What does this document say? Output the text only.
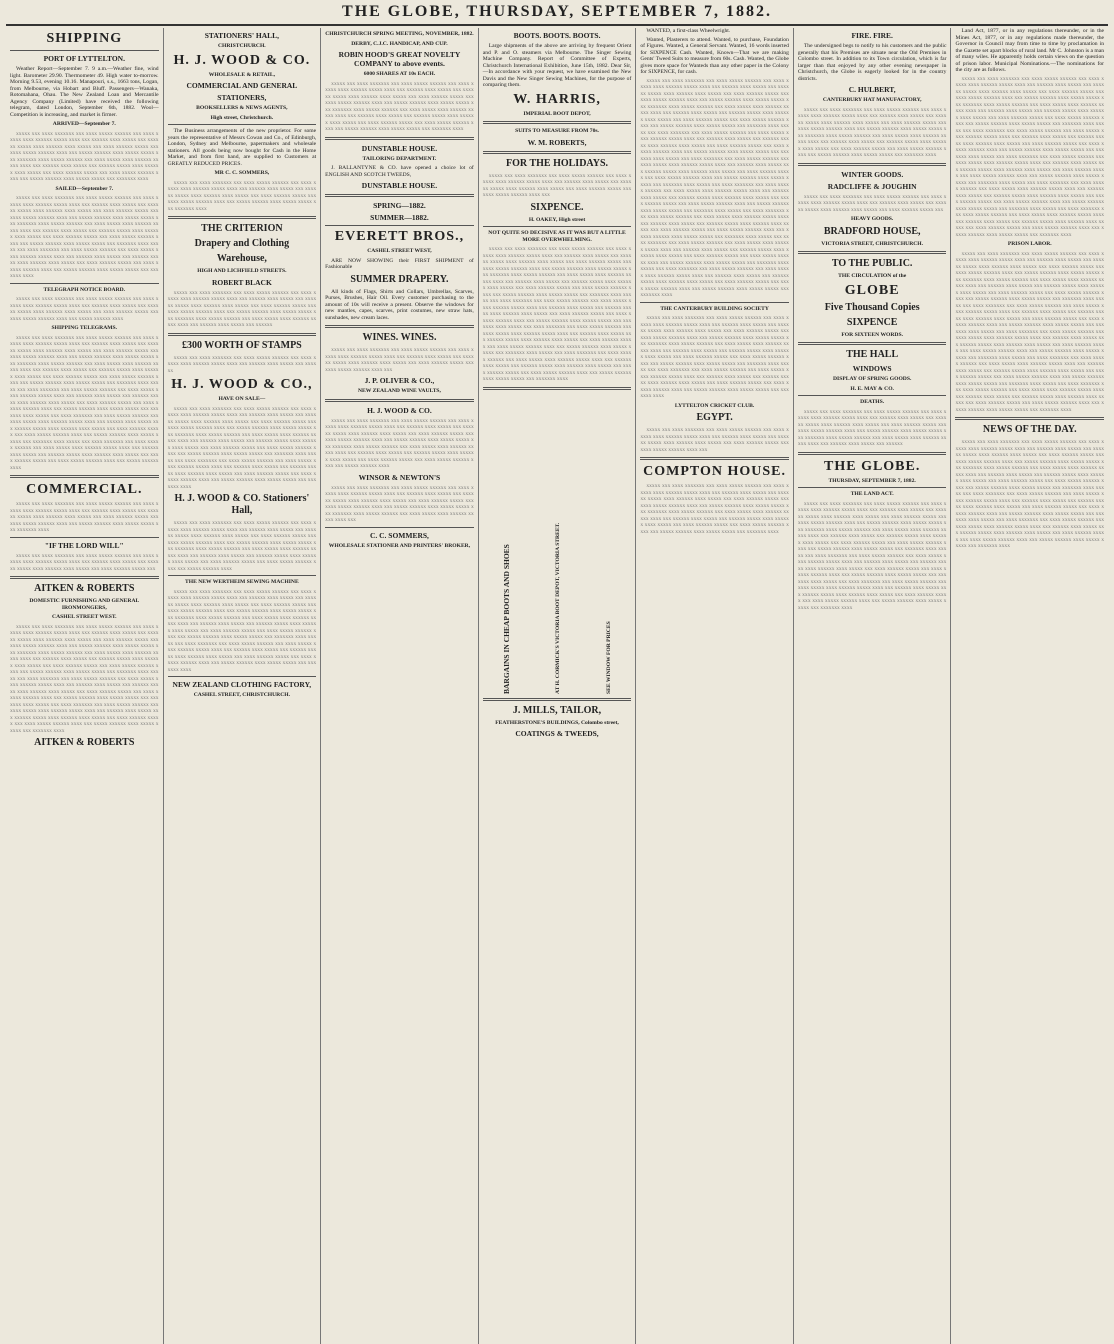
THE GLOBE, THURSDAY, SEPTEMBER 7, 1882.
SHIPPING
PORT OF LYTTELTON.
Weather Report—September 7. 9 a.m.—Weather fine, wind light. Barometer 29.90. Thermometer 49. High water to-morrow. Morning 9.53, evening 10.16. Manapouri, s.s., 1663 tons, Logan, from Melbourne, via Hobart and Bluff. Passengers—Wanaka, Rotomahana, Ohau. The New Zealand Loan and Mercantile Agency Company (Limited) have received the following telegram, dated London, September 6th, 1882. Wool—Competition is increasing, and market is firmer.
ARRIVED—September 7.
xxxxx xxx xxxx xxxxxxx xxx xxxx xxxxx xxxxxx xxx xxxx xxxxx xxxx xxxxxx xxxxx xxxx xxx xxxxxx xxxx xxxxx xxx xxxxxx xxxxx xxxx xxxxxx xxxx xxxxx xxx xxxx xxxxxx xxxxx xxx xxxx xxxxx xxxxxx xxxx xxx xxxxx xxxxxx xxxx xxxxx xxxxx xxx xxxxxxx xxxx xxxxx xxxxxx xxx xxxx xxxxx xxxx xxxxxx xxxxx xxxx xxx xxxxxx xxxx xxxxx xxx xxxxxx xxxxx xxxx xxxxxx xxxx xxxxx xxx xxxx xxxxxx xxxxx xxx xxxx xxxxx xxxxxx xxxx xxx xxxxx xxxxxx xxxx xxxxx xxxxx xxx xxxxxxx xxxx
SAILED—September 7.
xxxxx xxx xxxx xxxxxxx xxx xxxx xxxxx xxxxxx xxx xxxx xxxxx xxxx xxxxxx xxxxx xxxx xxx xxxxxx xxxx xxxxx xxx xxxxxx xxxxx xxxx xxxxxx xxxx xxxxx xxx xxxx xxxxxx xxxxx xxx xxxx xxxxx xxxxxx xxxx xxx xxxxx xxxxxx xxxx xxxxx xxxxx xxx xxxxxxx xxxx xxxxx xxxxxx xxx xxxx xxxxx xxxx xxxxxx xxxxx xxxx xxx xxxxxx xxxx xxxxx xxx xxxxxx xxxxx xxxx xxxxxx xxxx xxxxx xxx xxxx xxxxxx xxxxx xxx xxxx xxxxx xxxxxx xxxx xxx xxxxx xxxxxx xxxx xxxxx xxxxx xxx xxxxxxx xxxx xxxxx xxx xxxx xxxxxxx xxx xxxx xxxxx xxxxxx xxx xxxx xxxxx xxxx xxxxxx xxxxx xxxx xxx xxxxxx xxxx xxxxx xxx xxxxxx xxxxx xxxx xxxxxx xxxx xxxxx xxx xxxx xxxxxx xxxxx xxx xxxx xxxxx xxxxxx xxxx xxx xxxxx xxxxxx xxxx xxxxx xxxxx xxx xxxxxxx xxxx
TELEGRAPH NOTICE BOARD.
xxxxx xxx xxxx xxxxxxx xxx xxxx xxxxx xxxxxx xxx xxxx xxxxx xxxx xxxxxx xxxxx xxxx xxx xxxxxx xxxx xxxxx xxx xxxxxx xxxxx xxxx xxxxxx xxxx xxxxx xxx xxxx xxxxxx xxxxx xxx xxxx xxxxx xxxxxx xxxx xxx xxxxx xxxxxx xxxx
SHIPPING TELEGRAMS.
xxxxx xxx xxxx xxxxxxx xxx xxxx xxxxx xxxxxx xxx xxxx xxxxx xxxx xxxxxx xxxxx xxxx xxx xxxxxx xxxx xxxxx xxx xxxxxx xxxxx xxxx xxxxxx xxxx xxxxx xxx xxxx xxxxxx xxxxx xxx xxxx xxxxx xxxxxx xxxx xxx xxxxx xxxxxx xxxx xxxxx xxxxx xxx xxxxxxx xxxx xxxxx xxxxxx xxx xxxx xxxxx xxxx xxxxxx xxxxx xxxx xxx xxxxxx xxxx xxxxx xxx xxxxxx xxxxx xxxx xxxxxx xxxx xxxxx xxx xxxx xxxxxx xxxxx xxx xxxx xxxxx xxxxxx xxxx xxx xxxxx xxxxxx xxxx xxxxx xxxxx xxx xxxxxxx xxxx xxxxx xxx xxxx xxxxxxx xxx xxxx xxxxx xxxxxx xxx xxxx xxxxx xxxx xxxxxx xxxxx xxxx xxx xxxxxx xxxx xxxxx xxx xxxxxx xxxxx xxxx xxxxxx xxxx xxxxx xxx xxxx xxxxxx xxxxx xxx xxxx xxxxx xxxxxx xxxx xxx xxxxx xxxxxx xxxx xxxxx xxxxx xxx xxxxxxx xxxx xxxxx xxx xxxx xxxxxxx xxx xxxx xxxxx xxxxxx xxx xxxx xxxxx xxxx xxxxxx xxxxx xxxx xxx xxxxxx xxxx xxxxx xxx xxxxxx xxxxx xxxx xxxxxx xxxx xxxxx xxx xxxx xxxxxx xxxxx xxx xxxx xxxxx xxxxxx xxxx xxx xxxxx xxxxxx xxxx xxxxx xxxxx xxx xxxxxxx xxxx xxxxx xxx xxxx xxxxxxx xxx xxxx xxxxx xxxxxx xxx xxxx xxxxx xxxx xxxxxx xxxxx xxxx xxx xxxxxx xxxx xxxxx xxx xxxxxx xxxxx xxxx xxxxxx xxxx xxxxx xxx xxxx xxxxxx xxxxx xxx xxxx xxxxx xxxxxx xxxx xxx xxxxx xxxxxx xxxx
COMMERCIAL.
xxxxx xxx xxxx xxxxxxx xxx xxxx xxxxx xxxxxx xxx xxxx xxxxx xxxx xxxxxx xxxxx xxxx xxx xxxxxx xxxx xxxxx xxx xxxxxx xxxxx xxxx xxxxxx xxxx xxxxx xxx xxxx xxxxxx xxxxx xxx xxxx xxxxx xxxxxx xxxx xxx xxxxx xxxxxx xxxx xxxxx xxxxx xxx xxxxxxx xxxx
"IF THE LORD WILL"
xxxxx xxx xxxx xxxxxxx xxx xxxx xxxxx xxxxxx xxx xxxx xxxxx xxxx xxxxxx xxxxx xxxx xxx xxxxxx xxxx xxxxx xxx xxxxxx xxxxx xxxx xxxxxx xxxx xxxxx xxx xxxx xxxxxx xxxxx xxx
AITKEN & ROBERTS
DOMESTIC FURNISHING AND GENERAL IRONMONGERS,
CASHEL STREET WEST.
xxxxx xxx xxxx xxxxxxx xxx xxxx xxxxx xxxxxx xxx xxxx xxxxx xxxx xxxxxx xxxxx xxxx xxx xxxxxx xxxx xxxxx xxx xxxxxx xxxxx xxxx xxxxxx xxxx xxxxx xxx xxxx xxxxxx xxxxx xxx xxxx xxxxx xxxxxx xxxx xxx xxxxx xxxxxx xxxx xxxxx xxxxx xxx xxxxxxx xxxx xxxxx xxxxxx xxx xxxx xxxxx xxxx xxxxxx xxxxx xxxx xxx xxxxxx xxxx xxxxx xxx xxxxxx xxxxx xxxx xxxxxx xxxx xxxxx xxx xxxx xxxxxx xxxxx xxx xxxx xxxxx xxxxxx xxxx xxx xxxxx xxxxxx xxxx xxxxx xxxxx xxx xxxxxxx xxxx xxxxx xxx xxxx xxxxxxx xxx xxxx xxxxx xxxxxx xxx xxxx xxxxx xxxx xxxxxx xxxxx xxxx xxx xxxxxx xxxx xxxxx xxx xxxxxx xxxxx xxxx xxxxxx xxxx xxxxx xxx xxxx xxxxxx xxxxx xxx xxxx xxxxx xxxxxx xxxx xxx xxxxx xxxxxx xxxx xxxxx xxxxx xxx xxxxxxx xxxx xxxxx xxx xxxx xxxxxxx xxx xxxx xxxxx xxxxxx xxx xxxx xxxxx xxxx xxxxxx xxxxx xxxx xxx xxxxxx xxxx xxxxx xxx xxxxxx xxxxx xxxx xxxxxx xxxx xxxxx xxx xxxx xxxxxx xxxxx xxx xxxx xxxxx xxxxxx xxxx xxx xxxxx xxxxxx xxxx xxxxx xxxxx xxx xxxxxxx xxxx
AITKEN & ROBERTS
STATIONERS' HALL,
CHRISTCHURCH.
H. J. WOOD & CO.
WHOLESALE & RETAIL,
COMMERCIAL AND GENERAL
STATIONERS,
BOOKSELLERS & NEWS AGENTS,
High street, Christchurch.
The Business arrangements of the new proprietor. For some years the representative of Messrs Cowan and Co., of Edinburgh, London, Sydney and Melbourne, papermakers and wholesale stationers. All goods being now bought for Cash in the Home Market, and from first hand, are supplied to Customers at GREATLY REDUCED PRICES.
MR C. C. SOMMERS,
xxxxx xxx xxxx xxxxxxx xxx xxxx xxxxx xxxxxx xxx xxxx xxxxx xxxx xxxxxx xxxxx xxxx xxx xxxxxx xxxx xxxxx xxx xxxxxx xxxxx xxxx xxxxxx xxxx xxxxx xxx xxxx xxxxxx xxxxx xxx xxxx xxxxx xxxxxx xxxx xxx xxxxx xxxxxx xxxx xxxxx xxxxx xxx xxxxxxx xxxx
THE CRITERION
Drapery and Clothing
Warehouse,
HIGH AND LICHFIELD STREETS.
ROBERT BLACK
xxxxx xxx xxxx xxxxxxx xxx xxxx xxxxx xxxxxx xxx xxxx xxxxx xxxx xxxxxx xxxxx xxxx xxx xxxxxx xxxx xxxxx xxx xxxxxx xxxxx xxxx xxxxxx xxxx xxxxx xxx xxxx xxxxxx xxxxx xxx xxxx xxxxx xxxxxx xxxx xxx xxxxx xxxxxx xxxx xxxxx xxxxx xxx xxxxxxx xxxx xxxxx xxxxxx xxx xxxx xxxxx xxxx xxxxxx xxxxx xxxx xxx xxxxxx xxxx xxxxx xxx xxxxxx
£300 WORTH OF STAMPS
xxxxx xxx xxxx xxxxxxx xxx xxxx xxxxx xxxxxx xxx xxxx xxxxx xxxx xxxxxx xxxxx xxxx xxx xxxxxx xxxx xxxxx xxx xxxxxx
H. J. WOOD & CO.,
HAVE ON SALE—
xxxxx xxx xxxx xxxxxxx xxx xxxx xxxxx xxxxxx xxx xxxx xxxxx xxxx xxxxxx xxxxx xxxx xxx xxxxxx xxxx xxxxx xxx xxxxxx xxxxx xxxx xxxxxx xxxx xxxxx xxx xxxx xxxxxx xxxxx xxx xxxx xxxxx xxxxxx xxxx xxx xxxxx xxxxxx xxxx xxxxx xxxxx xxx xxxxxxx xxxx xxxxx xxxxxx xxx xxxx xxxxx xxxx xxxxxx xxxxx xxxx xxx xxxxxx xxxx xxxxx xxx xxxxxx xxxxx xxxx xxxxxx xxxx xxxxx xxx xxxx xxxxxx xxxxx xxx xxxx xxxxx xxxxxx xxxx xxx xxxxx xxxxxx xxxx xxxxx xxxxx xxx xxxxxxx xxxx xxxxx xxx xxxx xxxxxxx xxx xxxx xxxxx xxxxxx xxx xxxx xxxxx xxxx xxxxxx xxxxx xxxx xxx xxxxxx xxxx xxxxx xxx xxxxxx xxxxx xxxx xxxxxx xxxx xxxxx xxx xxxx xxxxxx xxxxx xxx xxxx xxxxx xxxxxx xxxx xxx xxxxx xxxxxx xxxx xxxxx xxxxx xxx xxxxxxx xxxx
H. J. WOOD & CO. Stationers' Hall,
xxxxx xxx xxxx xxxxxxx xxx xxxx xxxxx xxxxxx xxx xxxx xxxxx xxxx xxxxxx xxxxx xxxx xxx xxxxxx xxxx xxxxx xxx xxxxxx xxxxx xxxx xxxxxx xxxx xxxxx xxx xxxx xxxxxx xxxxx xxx xxxx xxxxx xxxxxx xxxx xxx xxxxx xxxxxx xxxx xxxxx xxxxx xxx xxxxxxx xxxx xxxxx xxxxxx xxx xxxx xxxxx xxxx xxxxxx xxxxx xxxx xxx xxxxxx xxxx xxxxx xxx xxxxxx xxxxx xxxx xxxxxx xxxx xxxxx xxx xxxx xxxxxx xxxxx xxx xxxx xxxxx xxxxxx xxxx xxx xxxxx xxxxxx xxxx
THE NEW WERTHEIM SEWING MACHINE
xxxxx xxx xxxx xxxxxxx xxx xxxx xxxxx xxxxxx xxx xxxx xxxxx xxxx xxxxxx xxxxx xxxx xxx xxxxxx xxxx xxxxx xxx xxxxxx xxxxx xxxx xxxxxx xxxx xxxxx xxx xxxx xxxxxx xxxxx xxx xxxx xxxxx xxxxxx xxxx xxx xxxxx xxxxxx xxxx xxxxx xxxxx xxx xxxxxxx xxxx xxxxx xxxxxx xxx xxxx xxxxx xxxx xxxxxx xxxxx xxxx xxx xxxxxx xxxx xxxxx xxx xxxxxx xxxxx xxxx xxxxxx xxxx xxxxx xxx xxxx xxxxxx xxxxx xxx xxxx xxxxx xxxxxx xxxx xxx xxxxx xxxxxx xxxx xxxxx xxxxx xxx xxxxxxx xxxx xxxxx xxx xxxx xxxxxxx xxx xxxx xxxxx xxxxxx xxx xxxx xxxxx xxxx xxxxxx xxxxx xxxx xxx xxxxxx xxxx xxxxx xxx xxxxxx xxxxx xxxx xxxxxx xxxx xxxxx xxx xxxx xxxxxx xxxxx xxx xxxx xxxxx xxxxxx xxxx xxx xxxxx xxxxxx xxxx xxxxx xxxxx xxx xxxxxxx xxxx
NEW ZEALAND CLOTHING FACTORY,
CASHEL STREET, CHRISTCHURCH.
CHRISTCHURCH SPRING MEETING, NOVEMBER, 1882.
DERBY, C.J.C. HANDICAP, AND CUP.
ROBIN HOOD'S GREAT NOVELTY COMPANY to above events.
6000 SHARES AT 10s EACH.
xxxxx xxx xxxx xxxxxxx xxx xxxx xxxxx xxxxxx xxx xxxx xxxxx xxxx xxxxxx xxxxx xxxx xxx xxxxxx xxxx xxxxx xxx xxxxxx xxxxx xxxx xxxxxx xxxx xxxxx xxx xxxx xxxxxx xxxxx xxx xxxx xxxxx xxxxxx xxxx xxx xxxxx xxxxxx xxxx xxxxx xxxxx xxx xxxxxxx xxxx xxxxx xxxxxx xxx xxxx xxxxx xxxx xxxxxx xxxxx xxxx xxx xxxxxx xxxx xxxxx xxx xxxxxx xxxxx xxxx xxxxxx xxxx xxxxx xxx xxxx xxxxxx xxxxx xxx xxxx xxxxx xxxxxx xxxx xxx xxxxx xxxxxx xxxx xxxxx xxxxx xxx xxxxxxx xxxx
DUNSTABLE HOUSE.
TAILORING DEPARTMENT.
J. BALLANTYNE & CO. have opened a choice lot of ENGLISH AND SCOTCH TWEEDS,
DUNSTABLE HOUSE.
SPRING—1882.
SUMMER—1882.
EVERETT BROS.,
CASHEL STREET WEST,
ARE NOW SHOWING their FIRST SHIPMENT of Fashionable
SUMMER DRAPERY.
All kinds of Flags, Shirts and Collars, Umbrellas, Scarves, Purses, Brushes, Hair Oil. Every customer purchasing to the amount of 10s will receive a present. Observe the windows for new mantles, capes, scarves, print costumes, new straw hats, sunshades, new cream laces.
WINES. WINES.
xxxxx xxx xxxx xxxxxxx xxx xxxx xxxxx xxxxxx xxx xxxx xxxxx xxxx xxxxxx xxxxx xxxx xxx xxxxxx xxxx xxxxx xxx xxxxxx xxxxx xxxx xxxxxx xxxx xxxxx xxx xxxx xxxxxx xxxxx xxx xxxx xxxxx xxxxxx xxxx xxx
J. P. OLIVER & CO.,
NEW ZEALAND WINE VAULTS,
H. J. WOOD & CO.
xxxxx xxx xxxx xxxxxxx xxx xxxx xxxxx xxxxxx xxx xxxx xxxxx xxxx xxxxxx xxxxx xxxx xxx xxxxxx xxxx xxxxx xxx xxxxxx xxxxx xxxx xxxxxx xxxx xxxxx xxx xxxx xxxxxx xxxxx xxx xxxx xxxxx xxxxxx xxxx xxx xxxxx xxxxxx xxxx xxxxx xxxxx xxx xxxxxxx xxxx xxxxx xxxxxx xxx xxxx xxxxx xxxx xxxxxx xxxxx xxxx xxx xxxxxx xxxx xxxxx xxx xxxxxx xxxxx xxxx xxxxxx xxxx xxxxx xxx xxxx xxxxxx xxxxx xxx xxxx xxxxx xxxxxx xxxx xxx xxxxx xxxxxx xxxx
WINSOR & NEWTON'S
xxxxx xxx xxxx xxxxxxx xxx xxxx xxxxx xxxxxx xxx xxxx xxxxx xxxx xxxxxx xxxxx xxxx xxx xxxxxx xxxx xxxxx xxx xxxxxx xxxxx xxxx xxxxxx xxxx xxxxx xxx xxxx xxxxxx xxxxx xxx xxxx xxxxx xxxxxx xxxx xxx xxxxx xxxxxx xxxx xxxxx xxxxx xxx xxxxxxx xxxx xxxxx xxxxxx xxx xxxx xxxxx xxxx xxxxxx xxxxx xxxx xxx
C. C. SOMMERS,
WHOLESALE STATIONER AND PRINTERS' BROKER,
BOOTS. BOOTS. BOOTS.
Large shipments of the above are arriving by frequent Orient and P. and O. steamers via Melbourne. The Singer Sewing Machine Company. Report of Committee of Experts, Christchurch International Exhibition, June 15th, 1882. Dear Sir,—In accordance with your request, we have examined the New Davis and the New Singer Sewing Machines, for the purpose of comparing them.
W. HARRIS,
IMPERIAL BOOT DEPOT,
SUITS TO MEASURE FROM 70s.
W. M. ROBERTS,
FOR THE HOLIDAYS.
xxxxx xxx xxxx xxxxxxx xxx xxxx xxxxx xxxxxx xxx xxxx xxxxx xxxx xxxxxx xxxxx xxxx xxx xxxxxx xxxx xxxxx xxx xxxxxx xxxxx xxxx xxxxxx xxxx xxxxx xxx xxxx xxxxxx xxxxx xxx xxxx xxxxx xxxxxx xxxx xxx
SIXPENCE.
H. OAKEY, High street
NOT QUITE SO DECISIVE AS IT WAS BUT A LITTLE MORE OVERWHELMING.
xxxxx xxx xxxx xxxxxxx xxx xxxx xxxxx xxxxxx xxx xxxx xxxxx xxxx xxxxxx xxxxx xxxx xxx xxxxxx xxxx xxxxx xxx xxxxxx xxxxx xxxx xxxxxx xxxx xxxxx xxx xxxx xxxxxx xxxxx xxx xxxx xxxxx xxxxxx xxxx xxx xxxxx xxxxxx xxxx xxxxx xxxxx xxx xxxxxxx xxxx xxxxx xxxxxx xxx xxxx xxxxx xxxx xxxxxx xxxxx xxxx xxx xxxxxx xxxx xxxxx xxx xxxxxx xxxxx xxxx xxxxxx xxxx xxxxx xxx xxxx xxxxxx xxxxx xxx xxxx xxxxx xxxxxx xxxx xxx xxxxx xxxxxx xxxx xxxxx xxxxx xxx xxxxxxx xxxx xxxxx xxx xxxx xxxxxxx xxx xxxx xxxxx xxxxxx xxx xxxx xxxxx xxxx xxxxxx xxxxx xxxx xxx xxxxxx xxxx xxxxx xxx xxxxxx xxxxx xxxx xxxxxx xxxx xxxxx xxx xxxx xxxxxx xxxxx xxx xxxx xxxxx xxxxxx xxxx xxx xxxxx xxxxxx xxxx xxxxx xxxxx xxx xxxxxxx xxxx xxxxx xxx xxxx xxxxxxx xxx xxxx xxxxx xxxxxx xxx xxxx xxxxx xxxx xxxxxx xxxxx xxxx xxx xxxxxx xxxx xxxxx xxx xxxxxx xxxxx xxxx xxxxxx xxxx xxxxx xxx xxxx xxxxxx xxxxx xxx xxxx xxxxx xxxxxx xxxx xxx xxxxx xxxxxx xxxx xxxxx xxxxx xxx xxxxxxx xxxx xxxxx xxx xxxx xxxxxxx xxx xxxx xxxxx xxxxxx xxx xxxx xxxxx xxxx xxxxxx xxxxx xxxx xxx xxxxxx xxxx xxxxx xxx xxxxxx xxxxx xxxx xxxxxx xxxx xxxxx xxx xxxx xxxxxx xxxxx xxx xxxx xxxxx xxxxxx xxxx xxx xxxxx xxxxxx xxxx xxxxx xxxxx xxx xxxxxxx xxxx
BARGAINS IN CHEAP BOOTS AND SHOES	AT H. CORMICK'S VICTORIA BOOT DEPOT, VICTORIA STREET.	SEE WINDOW FOR PRICES
J. MILLS, TAILOR,
FEATHERSTONE'S BUILDINGS, Colombo street,
COATINGS & TWEEDS,
WANTED, a first-class Wheelwright.
Wanted, Plasterers to attend. Wanted, to purchase, Foundation of Figures. Wanted, a General Servant. Wanted, 16 words inserted for SIXPENCE Cash. Wanted, Known—That we are making Gents' Tweed Suits to measure from 60s. Cash. Wanted, the Globe gives more space for Wanteds than any other paper in the Colony for SIXPENCE, for cash.
xxxxx xxx xxxx xxxxxxx xxx xxxx xxxxx xxxxxx xxx xxxx xxxxx xxxx xxxxxx xxxxx xxxx xxx xxxxxx xxxx xxxxx xxx xxxxxx xxxxx xxxx xxxxxx xxxx xxxxx xxx xxxx xxxxxx xxxxx xxx xxxx xxxxx xxxxxx xxxx xxx xxxxx xxxxxx xxxx xxxxx xxxxx xxx xxxxxxx xxxx xxxxx xxxxxx xxx xxxx xxxxx xxxx xxxxxx xxxxx xxxx xxx xxxxxx xxxx xxxxx xxx xxxxxx xxxxx xxxx xxxxxx xxxx xxxxx xxx xxxx xxxxxx xxxxx xxx xxxx xxxxx xxxxxx xxxx xxx xxxxx xxxxxx xxxx xxxxx xxxxx xxx xxxxxxx xxxx xxxxx xxx xxxx xxxxxxx xxx xxxx xxxxx xxxxxx xxx xxxx xxxxx xxxx xxxxxx xxxxx xxxx xxx xxxxxx xxxx xxxxx xxx xxxxxx xxxxx xxxx xxxxxx xxxx xxxxx xxx xxxx xxxxxx xxxxx xxx xxxx xxxxx xxxxxx xxxx xxx xxxxx xxxxxx xxxx xxxxx xxxxx xxx xxxxxxx xxxx xxxxx xxx xxxx xxxxxxx xxx xxxx xxxxx xxxxxx xxx xxxx xxxxx xxxx xxxxxx xxxxx xxxx xxx xxxxxx xxxx xxxxx xxx xxxxxx xxxxx xxxx xxxxxx xxxx xxxxx xxx xxxx xxxxxx xxxxx xxx xxxx xxxxx xxxxxx xxxx xxx xxxxx xxxxxx xxxx xxxxx xxxxx xxx xxxxxxx xxxx xxxxx xxx xxxx xxxxxxx xxx xxxx xxxxx xxxxxx xxx xxxx xxxxx xxxx xxxxxx xxxxx xxxx xxx xxxxxx xxxx xxxxx xxx xxxxxx xxxxx xxxx xxxxxx xxxx xxxxx xxx xxxx xxxxxx xxxxx xxx xxxx xxxxx xxxxxx xxxx xxx xxxxx xxxxxx xxxx xxxxx xxxxx xxx xxxxxxx xxxx xxxxx xxx xxxx xxxxxxx xxx xxxx xxxxx xxxxxx xxx xxxx xxxxx xxxx xxxxxx xxxxx xxxx xxx xxxxxx xxxx xxxxx xxx xxxxxx xxxxx xxxx xxxxxx xxxx xxxxx xxx xxxx xxxxxx xxxxx xxx xxxx xxxxx xxxxxx xxxx xxx xxxxx xxxxxx xxxx xxxxx xxxxx xxx xxxxxxx xxxx xxxxx xxx xxxx xxxxxxx xxx xxxx xxxxx xxxxxx xxx xxxx xxxxx xxxx xxxxxx xxxxx xxxx xxx xxxxxx xxxx xxxxx xxx xxxxxx xxxxx xxxx xxxxxx xxxx xxxxx xxx xxxx xxxxxx xxxxx xxx xxxx xxxxx xxxxxx xxxx xxx xxxxx xxxxxx xxxx xxxxx xxxxx xxx xxxxxxx xxxx xxxxx xxx xxxx xxxxxxx xxx xxxx xxxxx xxxxxx xxx xxxx xxxxx xxxx xxxxxx xxxxx xxxx xxx xxxxxx xxxx xxxxx xxx xxxxxx xxxxx xxxx xxxxxx xxxx xxxxx xxx xxxx xxxxxx xxxxx xxx xxxx xxxxx xxxxxx xxxx xxx xxxxx xxxxxx xxxx xxxxx xxxxx xxx xxxxxxx xxxx
THE CANTERBURY BUILDING SOCIETY
xxxxx xxx xxxx xxxxxxx xxx xxxx xxxxx xxxxxx xxx xxxx xxxxx xxxx xxxxxx xxxxx xxxx xxx xxxxxx xxxx xxxxx xxx xxxxxx xxxxx xxxx xxxxxx xxxx xxxxx xxx xxxx xxxxxx xxxxx xxx xxxx xxxxx xxxxxx xxxx xxx xxxxx xxxxxx xxxx xxxxx xxxxx xxx xxxxxxx xxxx xxxxx xxxxxx xxx xxxx xxxxx xxxx xxxxxx xxxxx xxxx xxx xxxxxx xxxx xxxxx xxx xxxxxx xxxxx xxxx xxxxxx xxxx xxxxx xxx xxxx xxxxxx xxxxx xxx xxxx xxxxx xxxxxx xxxx xxx xxxxx xxxxxx xxxx xxxxx xxxxx xxx xxxxxxx xxxx xxxxx xxx xxxx xxxxxxx xxx xxxx xxxxx xxxxxx xxx xxxx xxxxx xxxx xxxxxx xxxxx xxxx xxx xxxxxx xxxx xxxxx xxx xxxxxx xxxxx xxxx xxxxxx xxxx xxxxx xxx xxxx xxxxxx xxxxx xxx xxxx xxxxx xxxxxx xxxx xxx xxxxx xxxxxx xxxx xxxxx xxxxx xxx xxxxxxx xxxx
LYTTELTON CRICKET CLUB.
EGYPT.
xxxxx xxx xxxx xxxxxxx xxx xxxx xxxxx xxxxxx xxx xxxx xxxxx xxxx xxxxxx xxxxx xxxx xxx xxxxxx xxxx xxxxx xxx xxxxxx xxxxx xxxx xxxxxx xxxx xxxxx xxx xxxx xxxxxx xxxxx xxx xxxx xxxxx xxxxxx xxxx xxx
COMPTON HOUSE.
xxxxx xxx xxxx xxxxxxx xxx xxxx xxxxx xxxxxx xxx xxxx xxxxx xxxx xxxxxx xxxxx xxxx xxx xxxxxx xxxx xxxxx xxx xxxxxx xxxxx xxxx xxxxxx xxxx xxxxx xxx xxxx xxxxxx xxxxx xxx xxxx xxxxx xxxxxx xxxx xxx xxxxx xxxxxx xxxx xxxxx xxxxx xxx xxxxxxx xxxx xxxxx xxxxxx xxx xxxx xxxxx xxxx xxxxxx xxxxx xxxx xxx xxxxxx xxxx xxxxx xxx xxxxxx xxxxx xxxx xxxxxx xxxx xxxxx xxx xxxx xxxxxx xxxxx xxx xxxx xxxxx xxxxxx xxxx xxx xxxxx xxxxxx xxxx xxxxx xxxxx xxx xxxxxxx xxxx
FIRE. FIRE.
The undersigned begs to notify to his customers and the public generally that his Premises are situate near the Old Premises in Colombo street. In addition to its Town circulation, which is far larger than that enjoyed by any other evening newspaper in Christchurch, the Globe is eagerly looked for in the country districts.
C. HULBERT,
CANTERBURY HAT MANUFACTORY,
xxxxx xxx xxxx xxxxxxx xxx xxxx xxxxx xxxxxx xxx xxxx xxxxx xxxx xxxxxx xxxxx xxxx xxx xxxxxx xxxx xxxxx xxx xxxxxx xxxxx xxxx xxxxxx xxxx xxxxx xxx xxxx xxxxxx xxxxx xxx xxxx xxxxx xxxxxx xxxx xxx xxxxx xxxxxx xxxx xxxxx xxxxx xxx xxxxxxx xxxx xxxxx xxxxxx xxx xxxx xxxxx xxxx xxxxxx xxxxx xxxx xxx xxxxxx xxxx xxxxx xxx xxxxxx xxxxx xxxx xxxxxx xxxx xxxxx xxx xxxx xxxxxx xxxxx xxx xxxx xxxxx xxxxxx xxxx xxx xxxxx xxxxxx xxxx xxxxx xxxxx xxx xxxxxxx xxxx
WINTER GOODS.
RADCLIFFE & JOUGHIN
xxxxx xxx xxxx xxxxxxx xxx xxxx xxxxx xxxxxx xxx xxxx xxxxx xxxx xxxxxx xxxxx xxxx xxx xxxxxx xxxx xxxxx xxx xxxxxx xxxxx xxxx xxxxxx xxxx xxxxx xxx xxxx xxxxxx xxxxx xxx
HEAVY GOODS.
BRADFORD HOUSE,
VICTORIA STREET, CHRISTCHURCH.
TO THE PUBLIC.
THE CIRCULATION of the
GLOBE
Five Thousand Copies
SIXPENCE
FOR SIXTEEN WORDS.
THE HALL
WINDOWS
DISPLAY OF SPRING GOODS.
H. E. MAY & CO.
DEATHS.
xxxxx xxx xxxx xxxxxxx xxx xxxx xxxxx xxxxxx xxx xxxx xxxxx xxxx xxxxxx xxxxx xxxx xxx xxxxxx xxxx xxxxx xxx xxxxxx xxxxx xxxx xxxxxx xxxx xxxxx xxx xxxx xxxxxx xxxxx xxx xxxx xxxxx xxxxxx xxxx xxx xxxxx xxxxxx xxxx xxxxx xxxxx xxx xxxxxxx xxxx xxxxx xxxxxx xxx xxxx xxxxx xxxx xxxxxx xxxxx xxxx xxx xxxxxx xxxx xxxxx xxx xxxxxx
THE GLOBE.
THURSDAY, SEPTEMBER 7, 1882.
THE LAND ACT.
xxxxx xxx xxxx xxxxxxx xxx xxxx xxxxx xxxxxx xxx xxxx xxxxx xxxx xxxxxx xxxxx xxxx xxx xxxxxx xxxx xxxxx xxx xxxxxx xxxxx xxxx xxxxxx xxxx xxxxx xxx xxxx xxxxxx xxxxx xxx xxxx xxxxx xxxxxx xxxx xxx xxxxx xxxxxx xxxx xxxxx xxxxx xxx xxxxxxx xxxx xxxxx xxxxxx xxx xxxx xxxxx xxxx xxxxxx xxxxx xxxx xxx xxxxxx xxxx xxxxx xxx xxxxxx xxxxx xxxx xxxxxx xxxx xxxxx xxx xxxx xxxxxx xxxxx xxx xxxx xxxxx xxxxxx xxxx xxx xxxxx xxxxxx xxxx xxxxx xxxxx xxx xxxxxxx xxxx xxxxx xxx xxxx xxxxxxx xxx xxxx xxxxx xxxxxx xxx xxxx xxxxx xxxx xxxxxx xxxxx xxxx xxx xxxxxx xxxx xxxxx xxx xxxxxx xxxxx xxxx xxxxxx xxxx xxxxx xxx xxxx xxxxxx xxxxx xxx xxxx xxxxx xxxxxx xxxx xxx xxxxx xxxxxx xxxx xxxxx xxxxx xxx xxxxxxx xxxx xxxxx xxx xxxx xxxxxxx xxx xxxx xxxxx xxxxxx xxx xxxx xxxxx xxxx xxxxxx xxxxx xxxx xxx xxxxxx xxxx xxxxx xxx xxxxxx xxxxx xxxx xxxxxx xxxx xxxxx xxx xxxx xxxxxx xxxxx xxx xxxx xxxxx xxxxxx xxxx xxx xxxxx xxxxxx xxxx xxxxx xxxxx xxx xxxxxxx xxxx
Land Act, 1877, or in any regulations thereunder, or in the Mines Act, 1877, or in any regulations made thereunder, the Governor in Council may from time to time by proclamation in the Gazette set apart blocks of rural land. Mr C. Johnston is a man of many wiles. He apparently holds certain views on the question of prison labor. Municipal Nominations.—The nominations for the city are as follows.
xxxxx xxx xxxx xxxxxxx xxx xxxx xxxxx xxxxxx xxx xxxx xxxxx xxxx xxxxxx xxxxx xxxx xxx xxxxxx xxxx xxxxx xxx xxxxxx xxxxx xxxx xxxxxx xxxx xxxxx xxx xxxx xxxxxx xxxxx xxx xxxx xxxxx xxxxxx xxxx xxx xxxxx xxxxxx xxxx xxxxx xxxxx xxx xxxxxxx xxxx xxxxx xxxxxx xxx xxxx xxxxx xxxx xxxxxx xxxxx xxxx xxx xxxxxx xxxx xxxxx xxx xxxxxx xxxxx xxxx xxxxxx xxxx xxxxx xxx xxxx xxxxxx xxxxx xxx xxxx xxxxx xxxxxx xxxx xxx xxxxx xxxxxx xxxx xxxxx xxxxx xxx xxxxxxx xxxx xxxxx xxx xxxx xxxxxxx xxx xxxx xxxxx xxxxxx xxx xxxx xxxxx xxxx xxxxxx xxxxx xxxx xxx xxxxxx xxxx xxxxx xxx xxxxxx xxxxx xxxx xxxxxx xxxx xxxxx xxx xxxx xxxxxx xxxxx xxx xxxx xxxxx xxxxxx xxxx xxx xxxxx xxxxxx xxxx xxxxx xxxxx xxx xxxxxxx xxxx xxxxx xxx xxxx xxxxxxx xxx xxxx xxxxx xxxxxx xxx xxxx xxxxx xxxx xxxxxx xxxxx xxxx xxx xxxxxx xxxx xxxxx xxx xxxxxx xxxxx xxxx xxxxxx xxxx xxxxx xxx xxxx xxxxxx xxxxx xxx xxxx xxxxx xxxxxx xxxx xxx xxxxx xxxxxx xxxx xxxxx xxxxx xxx xxxxxxx xxxx xxxxx xxx xxxx xxxxxxx xxx xxxx xxxxx xxxxxx xxx xxxx xxxxx xxxx xxxxxx xxxxx xxxx xxx xxxxxx xxxx xxxxx xxx xxxxxx xxxxx xxxx xxxxxx xxxx xxxxx xxx xxxx xxxxxx xxxxx xxx xxxx xxxxx xxxxxx xxxx xxx xxxxx xxxxxx xxxx xxxxx xxxxx xxx xxxxxxx xxxx xxxxx xxx xxxx xxxxxxx xxx xxxx xxxxx xxxxxx xxx xxxx xxxxx xxxx xxxxxx xxxxx xxxx xxx xxxxxx xxxx xxxxx xxx xxxxxx xxxxx xxxx xxxxxx xxxx xxxxx xxx xxxx xxxxxx xxxxx xxx xxxx xxxxx xxxxxx xxxx xxx xxxxx xxxxxx xxxx xxxxx xxxxx xxx xxxxxxx xxxx
PRISON LABOR.
xxxxx xxx xxxx xxxxxxx xxx xxxx xxxxx xxxxxx xxx xxxx xxxxx xxxx xxxxxx xxxxx xxxx xxx xxxxxx xxxx xxxxx xxx xxxxxx xxxxx xxxx xxxxxx xxxx xxxxx xxx xxxx xxxxxx xxxxx xxx xxxx xxxxx xxxxxx xxxx xxx xxxxx xxxxxx xxxx xxxxx xxxxx xxx xxxxxxx xxxx xxxxx xxxxxx xxx xxxx xxxxx xxxx xxxxxx xxxxx xxxx xxx xxxxxx xxxx xxxxx xxx xxxxxx xxxxx xxxx xxxxxx xxxx xxxxx xxx xxxx xxxxxx xxxxx xxx xxxx xxxxx xxxxxx xxxx xxx xxxxx xxxxxx xxxx xxxxx xxxxx xxx xxxxxxx xxxx xxxxx xxx xxxx xxxxxxx xxx xxxx xxxxx xxxxxx xxx xxxx xxxxx xxxx xxxxxx xxxxx xxxx xxx xxxxxx xxxx xxxxx xxx xxxxxx xxxxx xxxx xxxxxx xxxx xxxxx xxx xxxx xxxxxx xxxxx xxx xxxx xxxxx xxxxxx xxxx xxx xxxxx xxxxxx xxxx xxxxx xxxxx xxx xxxxxxx xxxx xxxxx xxx xxxx xxxxxxx xxx xxxx xxxxx xxxxxx xxx xxxx xxxxx xxxx xxxxxx xxxxx xxxx xxx xxxxxx xxxx xxxxx xxx xxxxxx xxxxx xxxx xxxxxx xxxx xxxxx xxx xxxx xxxxxx xxxxx xxx xxxx xxxxx xxxxxx xxxx xxx xxxxx xxxxxx xxxx xxxxx xxxxx xxx xxxxxxx xxxx xxxxx xxx xxxx xxxxxxx xxx xxxx xxxxx xxxxxx xxx xxxx xxxxx xxxx xxxxxx xxxxx xxxx xxx xxxxxx xxxx xxxxx xxx xxxxxx xxxxx xxxx xxxxxx xxxx xxxxx xxx xxxx xxxxxx xxxxx xxx xxxx xxxxx xxxxxx xxxx xxx xxxxx xxxxxx xxxx xxxxx xxxxx xxx xxxxxxx xxxx xxxxx xxx xxxx xxxxxxx xxx xxxx xxxxx xxxxxx xxx xxxx xxxxx xxxx xxxxxx xxxxx xxxx xxx xxxxxx xxxx xxxxx xxx xxxxxx xxxxx xxxx xxxxxx xxxx xxxxx xxx xxxx xxxxxx xxxxx xxx xxxx xxxxx xxxxxx xxxx xxx xxxxx xxxxxx xxxx xxxxx xxxxx xxx xxxxxxx xxxx
NEWS OF THE DAY.
xxxxx xxx xxxx xxxxxxx xxx xxxx xxxxx xxxxxx xxx xxxx xxxxx xxxx xxxxxx xxxxx xxxx xxx xxxxxx xxxx xxxxx xxx xxxxxx xxxxx xxxx xxxxxx xxxx xxxxx xxx xxxx xxxxxx xxxxx xxx xxxx xxxxx xxxxxx xxxx xxx xxxxx xxxxxx xxxx xxxxx xxxxx xxx xxxxxxx xxxx xxxxx xxxxxx xxx xxxx xxxxx xxxx xxxxxx xxxxx xxxx xxx xxxxxx xxxx xxxxx xxx xxxxxx xxxxx xxxx xxxxxx xxxx xxxxx xxx xxxx xxxxxx xxxxx xxx xxxx xxxxx xxxxxx xxxx xxx xxxxx xxxxxx xxxx xxxxx xxxxx xxx xxxxxxx xxxx xxxxx xxx xxxx xxxxxxx xxx xxxx xxxxx xxxxxx xxx xxxx xxxxx xxxx xxxxxx xxxxx xxxx xxx xxxxxx xxxx xxxxx xxx xxxxxx xxxxx xxxx xxxxxx xxxx xxxxx xxx xxxx xxxxxx xxxxx xxx xxxx xxxxx xxxxxx xxxx xxx xxxxx xxxxxx xxxx xxxxx xxxxx xxx xxxxxxx xxxx xxxxx xxx xxxx xxxxxxx xxx xxxx xxxxx xxxxxx xxx xxxx xxxxx xxxx xxxxxx xxxxx xxxx xxx xxxxxx xxxx xxxxx xxx xxxxxx xxxxx xxxx xxxxxx xxxx xxxxx xxx xxxx xxxxxx xxxxx xxx xxxx xxxxx xxxxxx xxxx xxx xxxxx xxxxxx xxxx xxxxx xxxxx xxx xxxxxxx xxxx
